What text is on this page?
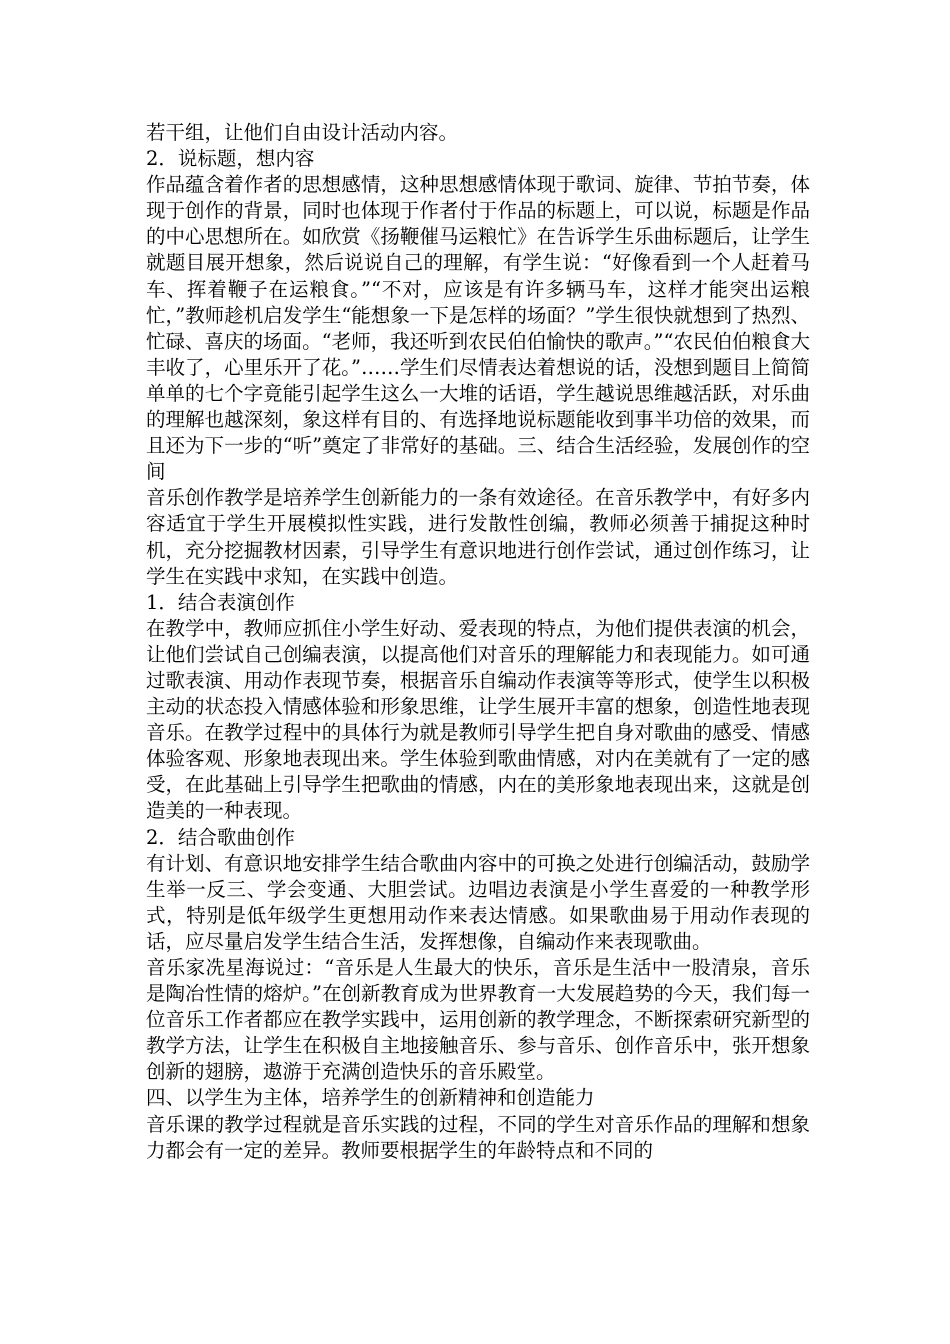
若干组，让他们自由设计活动内容。

2．说标题，想内容

作品蕴含着作者的思想感情，这种思想感情体现于歌词、旋律、节拍节奏，体现于创作的背景，同时也体现于作者付于作品的标题上，可以说，标题是作品的中心思想所在。如欣赏《扬鞭催马运粮忙》在告诉学生乐曲标题后，让学生就题目展开想象，然后说说自己的理解，有学生说：“好像看到一个人赶着马车、挥着鞭子在运粮食。”“不对，应该是有许多辆马车，这样才能突出运粮忙，”教师趁机启发学生“能想象一下是怎样的场面？”学生很快就想到了热烈、忙碌、喜庆的场面。“老师，我还听到农民伯伯愉快的歌声。”“农民伯伯粮食大丰收了，心里乐开了花。”……学生们尽情表达着想说的话，没想到题目上简简单单的七个字竟能引起学生这么一大堆的话语，学生越说思维越活跃，对乐曲的理解也越深刻，象这样有目的、有选择地说标题能收到事半功倍的效果，而且还为下一步的“听”奠定了非常好的基础。三、结合生活经验，发展创作的空间

音乐创作教学是培养学生创新能力的一条有效途径。在音乐教学中，有好多内容适宜于学生开展模拟性实践，进行发散性创编，教师必须善于捕捉这种时机，充分挖掘教材因素，引导学生有意识地进行创作尝试，通过创作练习，让学生在实践中求知，在实践中创造。

1．结合表演创作

在教学中，教师应抓住小学生好动、爱表现的特点，为他们提供表演的机会，让他们尝试自己创编表演，以提高他们对音乐的理解能力和表现能力。如可通过歌表演、用动作表现节奏，根据音乐自编动作表演等等形式，使学生以积极主动的状态投入情感体验和形象思维，让学生展开丰富的想象，创造性地表现音乐。在教学过程中的具体行为就是教师引导学生把自身对歌曲的感受、情感体验客观、形象地表现出来。学生体验到歌曲情感，对内在美就有了一定的感受，在此基础上引导学生把歌曲的情感，内在的美形象地表现出来，这就是创造美的一种表现。

2．结合歌曲创作

有计划、有意识地安排学生结合歌曲内容中的可换之处进行创编活动，鼓励学生举一反三、学会变通、大胆尝试。边唱边表演是小学生喜爱的一种教学形式，特别是低年级学生更想用动作来表达情感。如果歌曲易于用动作表现的话，应尽量启发学生结合生活，发挥想像，自编动作来表现歌曲。

音乐家冼星海说过：“音乐是人生最大的快乐，音乐是生活中一股清泉，音乐是陶冶性情的熔炉。”在创新教育成为世界教育一大发展趋势的今天，我们每一位音乐工作者都应在教学实践中，运用创新的教学理念，不断探索研究新型的教学方法，让学生在积极自主地接触音乐、参与音乐、创作音乐中，张开想象创新的翅膀，遨游于充满创造快乐的音乐殿堂。

四、以学生为主体，培养学生的创新精神和创造能力

音乐课的教学过程就是音乐实践的过程，不同的学生对音乐作品的理解和想象力都会有一定的差异。教师要根据学生的年龄特点和不同的
